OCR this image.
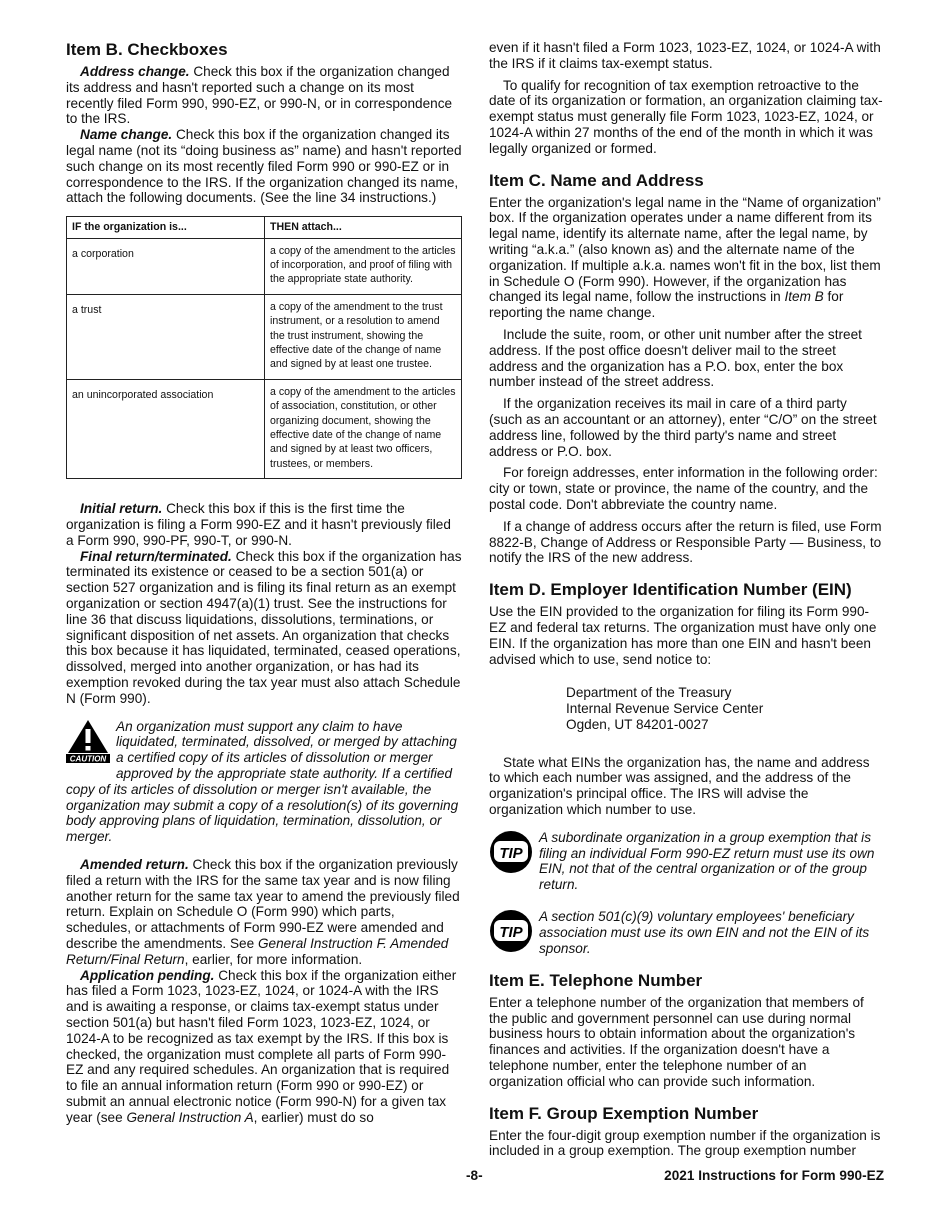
Item B. Checkboxes

Address change. Check this box if the organization changed its address and hasn't reported such a change on its most recently filed Form 990, 990-EZ, or 990-N, or in correspondence to the IRS.

Name change. Check this box if the organization changed its legal name (not its “doing business as” name) and hasn't reported such change on its most recently filed Form 990 or 990-EZ or in correspondence to the IRS. If the organization changed its name, attach the following documents. (See the line 34 instructions.)

IF the organization is...	THEN attach...
a corporation	a copy of the amendment to the articles of incorporation, and proof of filing with the appropriate state authority.
a trust	a copy of the amendment to the trust instrument, or a resolution to amend the trust instrument, showing the effective date of the change of name and signed by at least one trustee.
an unincorporated association	a copy of the amendment to the articles of association, constitution, or other organizing document, showing the effective date of the change of name and signed by at least two officers, trustees, or members.

Initial return. Check this box if this is the first time the organization is filing a Form 990-EZ and it hasn't previously filed a Form 990, 990-PF, 990-T, or 990-N.

Final return/terminated. Check this box if the organization has terminated its existence or ceased to be a section 501(a) or section 527 organization and is filing its final return as an exempt organization or section 4947(a)(1) trust. See the instructions for line 36 that discuss liquidations, dissolutions, terminations, or significant disposition of net assets. An organization that checks this box because it has liquidated, terminated, ceased operations, dissolved, merged into another organization, or has had its exemption revoked during the tax year must also attach Schedule N (Form 990).

CAUTION
An organization must support any claim to have liquidated, terminated, dissolved, or merged by attaching a certified copy of its articles of dissolution or merger approved by the appropriate state authority. If a certified copy of its articles of dissolution or merger isn't available, the organization may submit a copy of a resolution(s) of its governing body approving plans of liquidation, termination, dissolution, or merger.

Amended return. Check this box if the organization previously filed a return with the IRS for the same tax year and is now filing another return for the same tax year to amend the previously filed return. Explain on Schedule O (Form 990) which parts, schedules, or attachments of Form 990-EZ were amended and describe the amendments. See General Instruction F. Amended Return/Final Return, earlier, for more information.

Application pending. Check this box if the organization either has filed a Form 1023, 1023-EZ, 1024, or 1024-A with the IRS and is awaiting a response, or claims tax-exempt status under section 501(a) but hasn't filed Form 1023, 1023-EZ, 1024, or 1024-A to be recognized as tax exempt by the IRS. If this box is checked, the organization must complete all parts of Form 990-EZ and any required schedules. An organization that is required to file an annual information return (Form 990 or 990-EZ) or submit an annual electronic notice (Form 990-N) for a given tax year (see General Instruction A, earlier) must do so

even if it hasn't filed a Form 1023, 1023-EZ, 1024, or 1024-A with the IRS if it claims tax-exempt status.

To qualify for recognition of tax exemption retroactive to the date of its organization or formation, an organization claiming tax-exempt status must generally file Form 1023, 1023-EZ, 1024, or 1024-A within 27 months of the end of the month in which it was legally organized or formed.

Item C. Name and Address

Enter the organization's legal name in the “Name of organization” box. If the organization operates under a name different from its legal name, identify its alternate name, after the legal name, by writing “a.k.a.” (also known as) and the alternate name of the organization. If multiple a.k.a. names won't fit in the box, list them in Schedule O (Form 990). However, if the organization has changed its legal name, follow the instructions in Item B for reporting the name change.

Include the suite, room, or other unit number after the street address. If the post office doesn't deliver mail to the street address and the organization has a P.O. box, enter the box number instead of the street address.

If the organization receives its mail in care of a third party (such as an accountant or an attorney), enter “C/O” on the street address line, followed by the third party's name and street address or P.O. box.

For foreign addresses, enter information in the following order: city or town, state or province, the name of the country, and the postal code. Don't abbreviate the country name.

If a change of address occurs after the return is filed, use Form 8822-B, Change of Address or Responsible Party — Business, to notify the IRS of the new address.

Item D. Employer Identification Number (EIN)

Use the EIN provided to the organization for filing its Form 990-EZ and federal tax returns. The organization must have only one EIN. If the organization has more than one EIN and hasn't been advised which to use, send notice to:

Department of the Treasury
Internal Revenue Service Center
Ogden, UT 84201-0027

State what EINs the organization has, the name and address to which each number was assigned, and the address of the organization's principal office. The IRS will advise the organization which number to use.

TIP
A subordinate organization in a group exemption that is filing an individual Form 990-EZ return must use its own EIN, not that of the central organization or of the group return.
TIP
A section 501(c)(9) voluntary employees' beneficiary association must use its own EIN and not the EIN of its sponsor.
Item E. Telephone Number

Enter a telephone number of the organization that members of the public and government personnel can use during normal business hours to obtain information about the organization's finances and activities. If the organization doesn't have a telephone number, enter the telephone number of an organization official who can provide such information.

Item F. Group Exemption Number

Enter the four-digit group exemption number if the organization is included in a group exemption. The group exemption number

-8-	2021 Instructions for Form 990-EZ
